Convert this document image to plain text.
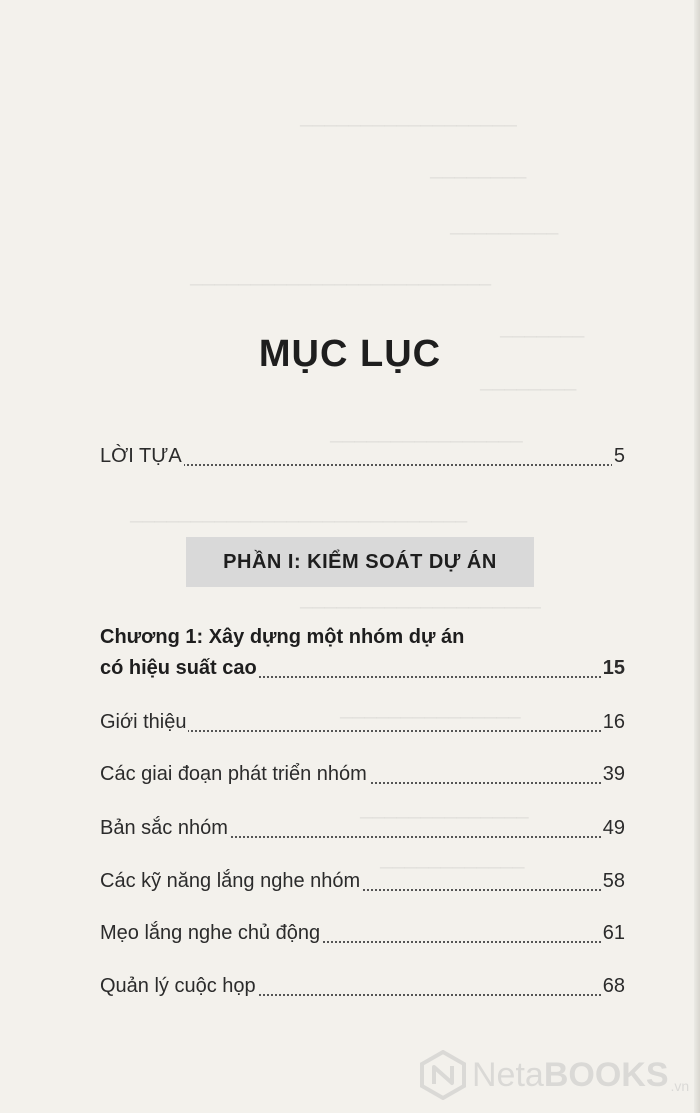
──────────────────
────────
─────────
─────────────────────────
───────
────────
────────────────
────────────────────────────
────────────────────
───────────────
──────────────
────────────
MỤC LỤC
LỜI TỰA	5
PHẦN I: KIỂM SOÁT DỰ ÁN
Chương 1: Xây dựng một nhóm dự án
có hiệu suất cao	15
Giới thiệu	16
Các giai đoạn phát triển nhóm	39
Bản sắc nhóm	49
Các kỹ năng lắng nghe nhóm	58
Mẹo lắng nghe chủ động	61
Quản lý cuộc họp	68
NetaBOOKS .vn
